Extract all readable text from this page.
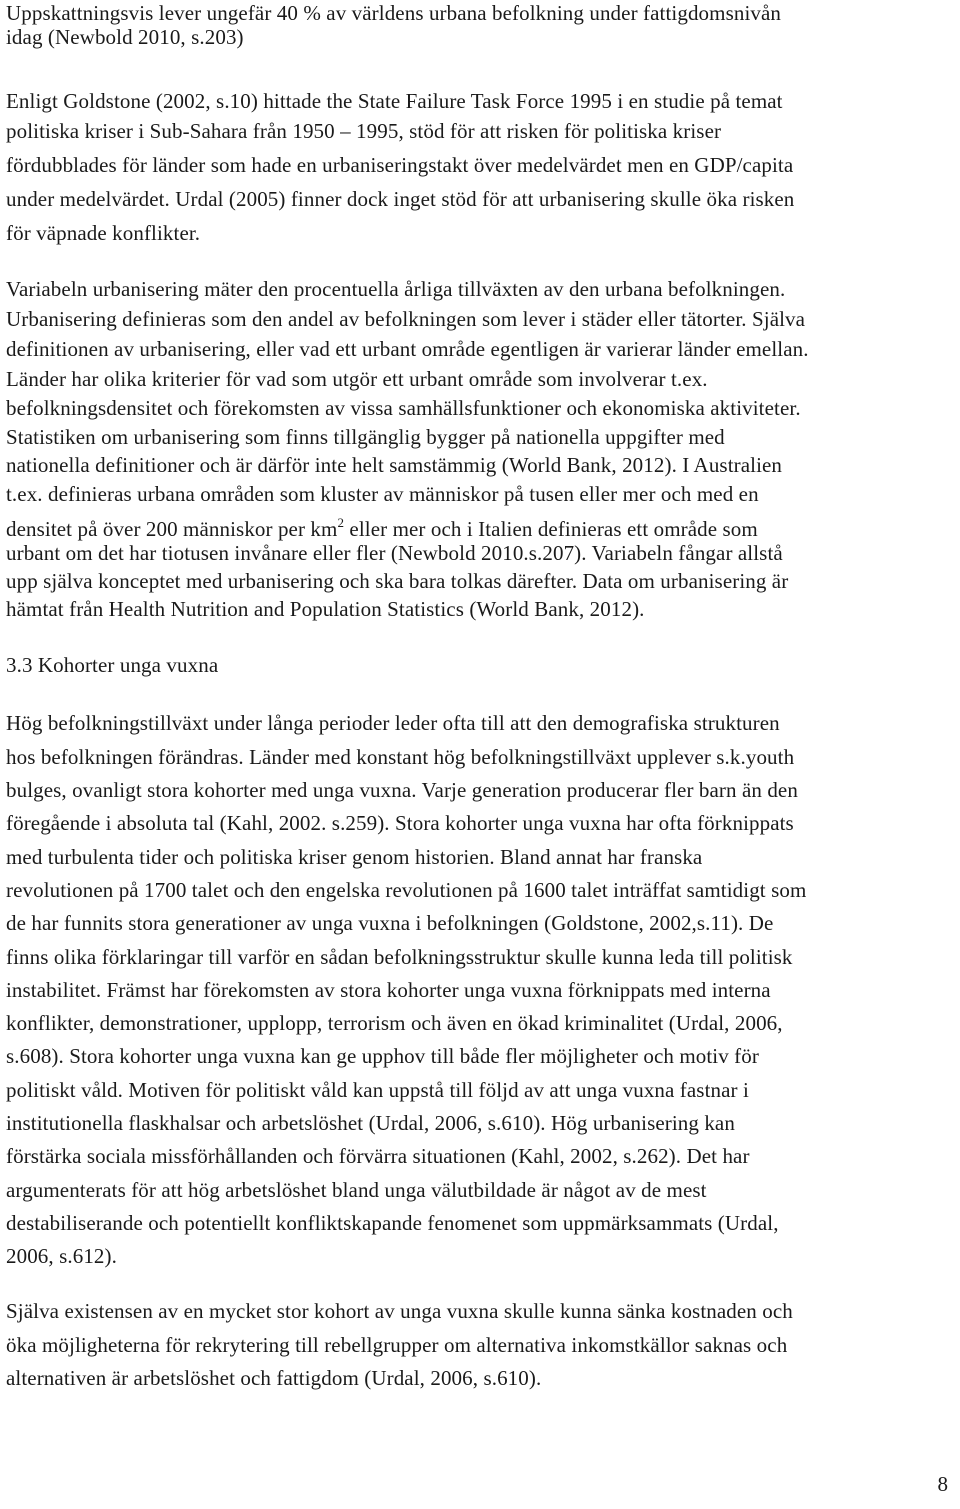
Uppskattningsvis lever ungefär 40 % av världens urbana befolkning under fattigdomsnivån
idag (Newbold 2010, s.203)
Enligt Goldstone (2002, s.10) hittade the State Failure Task Force 1995 i en studie på temat
politiska kriser i Sub-Sahara från 1950 – 1995, stöd för att risken för politiska kriser
fördubblades för länder som hade en urbaniseringstakt över medelvärdet men en GDP/capita
under medelvärdet. Urdal (2005) finner dock inget stöd för att urbanisering skulle öka risken
för väpnade konflikter.
Variabeln urbanisering mäter den procentuella årliga tillväxten av den urbana befolkningen.
Urbanisering definieras som den andel av befolkningen som lever i städer eller tätorter. Själva
definitionen av urbanisering, eller vad ett urbant område egentligen är varierar länder emellan.
Länder har olika kriterier för vad som utgör ett urbant område som involverar t.ex.
befolkningsdensitet och förekomsten av vissa samhällsfunktioner och ekonomiska aktiviteter.
Statistiken om urbanisering som finns tillgänglig bygger på nationella uppgifter med
nationella definitioner och är därför inte helt samstämmig (World Bank, 2012). I Australien
t.ex. definieras urbana områden som kluster av människor på tusen eller mer och med en
densitet på över 200 människor per $km^2$ eller mer och i Italien definieras ett område som
urbant om det har tiotusen invånare eller fler (Newbold 2010.s.207). Variabeln fångar allstå
upp själva konceptet med urbanisering och ska bara tolkas därefter. Data om urbanisering är
hämtat från Health Nutrition and Population Statistics (World Bank, 2012).
3.3 Kohorter unga vuxna
Hög befolkningstillväxt under långa perioder leder ofta till att den demografiska strukturen
hos befolkningen förändras. Länder med konstant hög befolkningstillväxt upplever s.k.youth
bulges, ovanligt stora kohorter med unga vuxna. Varje generation producerar fler barn än den
föregående i absoluta tal (Kahl, 2002. s.259). Stora kohorter unga vuxna har ofta förknippats
med turbulenta tider och politiska kriser genom historien. Bland annat har franska
revolutionen på 1700 talet och den engelska revolutionen på 1600 talet inträffat samtidigt som
de har funnits stora generationer av unga vuxna i befolkningen (Goldstone, 2002,s.11). De
finns olika förklaringar till varför en sådan befolkningsstruktur skulle kunna leda till politisk
instabilitet. Främst har förekomsten av stora kohorter unga vuxna förknippats med interna
konflikter, demonstrationer, upplopp, terrorism och även en ökad kriminalitet (Urdal, 2006,
s.608). Stora kohorter unga vuxna kan ge upphov till både fler möjligheter och motiv för
politiskt våld. Motiven för politiskt våld kan uppstå till följd av att unga vuxna fastnar i
institutionella flaskhalsar och arbetslöshet (Urdal, 2006, s.610). Hög urbanisering kan
förstärka sociala missförhållanden och förvärra situationen (Kahl, 2002, s.262). Det har
argumenterats för att hög arbetslöshet bland unga välutbildade är något av de mest
destabiliserande och potentiellt konfliktskapande fenomenet som uppmärksammats (Urdal,
2006, s.612).
Själva existensen av en mycket stor kohort av unga vuxna skulle kunna sänka kostnaden och
öka möjligheterna för rekrytering till rebellgrupper om alternativa inkomstkällor saknas och
alternativen är arbetslöshet och fattigdom (Urdal, 2006, s.610).
8
